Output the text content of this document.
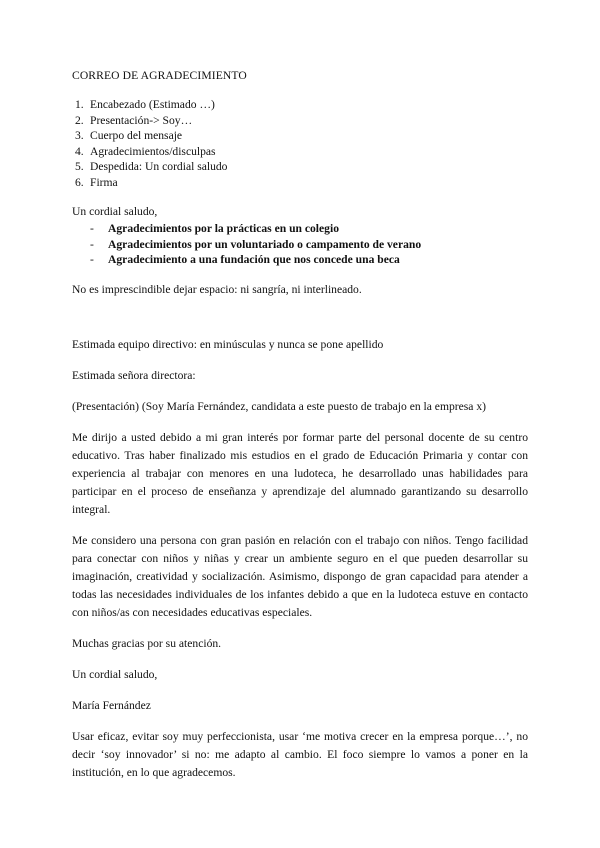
CORREO DE AGRADECIMIENTO

1. Encabezado (Estimado …)
2. Presentación-> Soy…
3. Cuerpo del mensaje
4. Agradecimientos/disculpas
5. Despedida: Un cordial saludo
6. Firma

Un cordial saludo,

- Agradecimientos por la prácticas en un colegio
- Agradecimientos por un voluntariado o campamento de verano
- Agradecimiento a una fundación que nos concede una beca

No es imprescindible dejar espacio: ni sangría, ni interlineado.

Estimada equipo directivo: en minúsculas y nunca se pone apellido

Estimada señora directora:

(Presentación) (Soy María Fernández, candidata a este puesto de trabajo en la empresa x)

Me dirijo a usted debido a mi gran interés por formar parte del personal docente de su centro educativo. Tras haber finalizado mis estudios en el grado de Educación Primaria y contar con experiencia al trabajar con menores en una ludoteca, he desarrollado unas habilidades para participar en el proceso de enseñanza y aprendizaje del alumnado garantizando su desarrollo integral.

Me considero una persona con gran pasión en relación con el trabajo con niños. Tengo facilidad para conectar con niños y niñas y crear un ambiente seguro en el que pueden desarrollar su imaginación, creatividad y socialización. Asimismo, dispongo de gran capacidad para atender a todas las necesidades individuales de los infantes debido a que en la ludoteca estuve en contacto con niños/as con necesidades educativas especiales.

Muchas gracias por su atención.

Un cordial saludo,

María Fernández

Usar eficaz, evitar soy muy perfeccionista, usar ‘me motiva crecer en la empresa porque…’, no decir ‘soy innovador’ si no: me adapto al cambio. El foco siempre lo vamos a poner en la institución, en lo que agradecemos.
